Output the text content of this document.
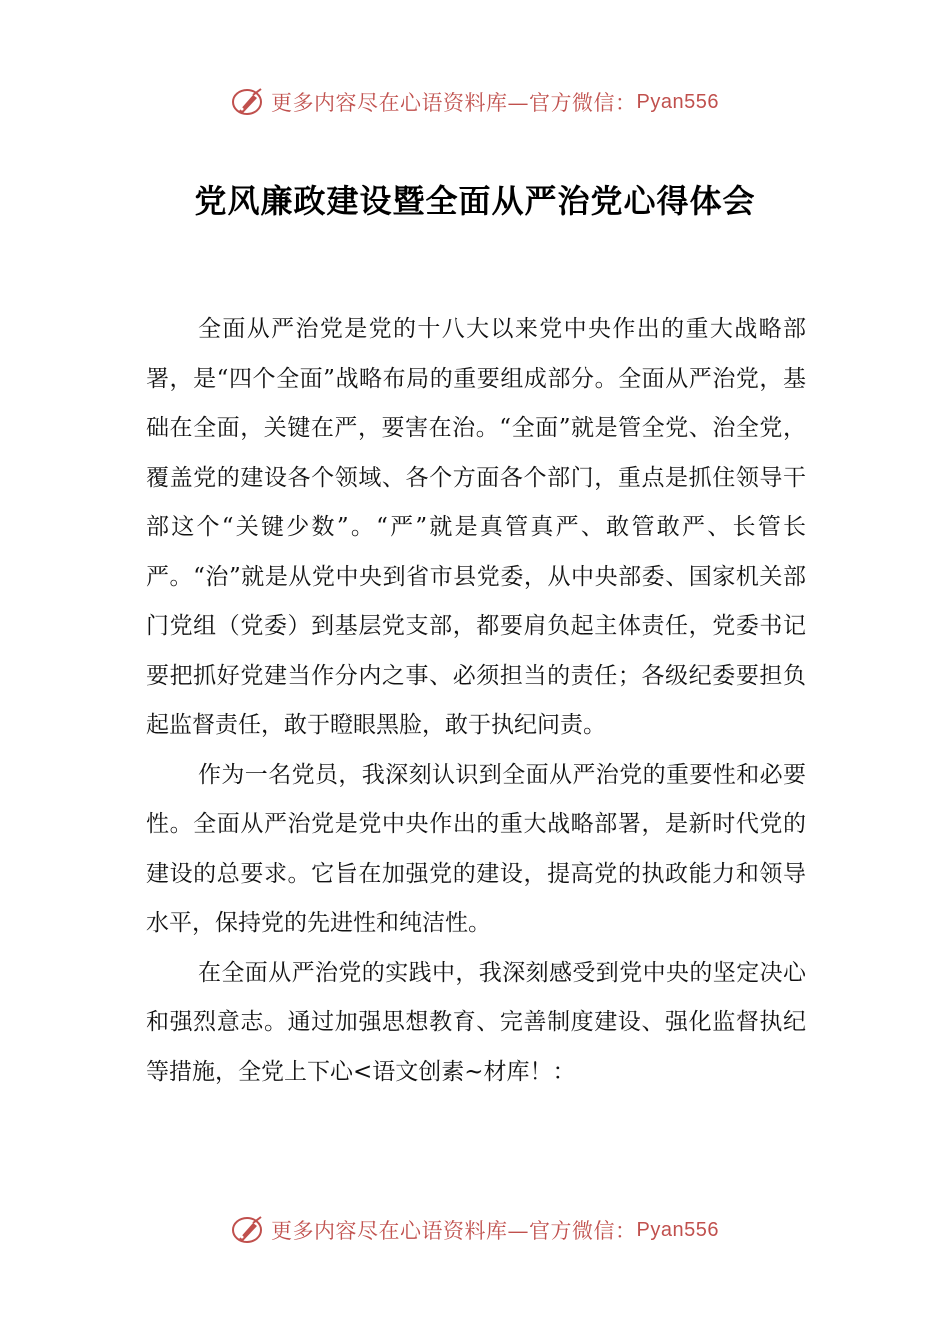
更多内容尽在心语资料库—官方微信： Pyan556
党风廉政建设暨全面从严治党心得体会

全面从严治党是党的十八大以来党中央作出的重大战略部署，是“四个全面”战略布局的重要组成部分。全面从严治党，基础在全面，关键在严，要害在治。“全面”就是管全党、治全党，覆盖党的建设各个领域、各个方面各个部门，重点是抓住领导干部这个“关键少数”。“严”就是真管真严、敢管敢严、长管长严。“治”就是从党中央到省市县党委，从中央部委、国家机关部门党组（党委）到基层党支部，都要肩负起主体责任，党委书记要把抓好党建当作分内之事、必须担当的责任；各级纪委要担负起监督责任，敢于瞪眼黑脸，敢于执纪问责。

作为一名党员，我深刻认识到全面从严治党的重要性和必要性。全面从严治党是党中央作出的重大战略部署，是新时代党的建设的总要求。它旨在加强党的建设，提高党的执政能力和领导水平，保持党的先进性和纯洁性。

在全面从严治党的实践中，我深刻感受到党中央的坚定决心和强烈意志。通过加强思想教育、完善制度建设、强化监督执纪等措施，全党上下心<语文创素~材库！：

更多内容尽在心语资料库—官方微信： Pyan556
